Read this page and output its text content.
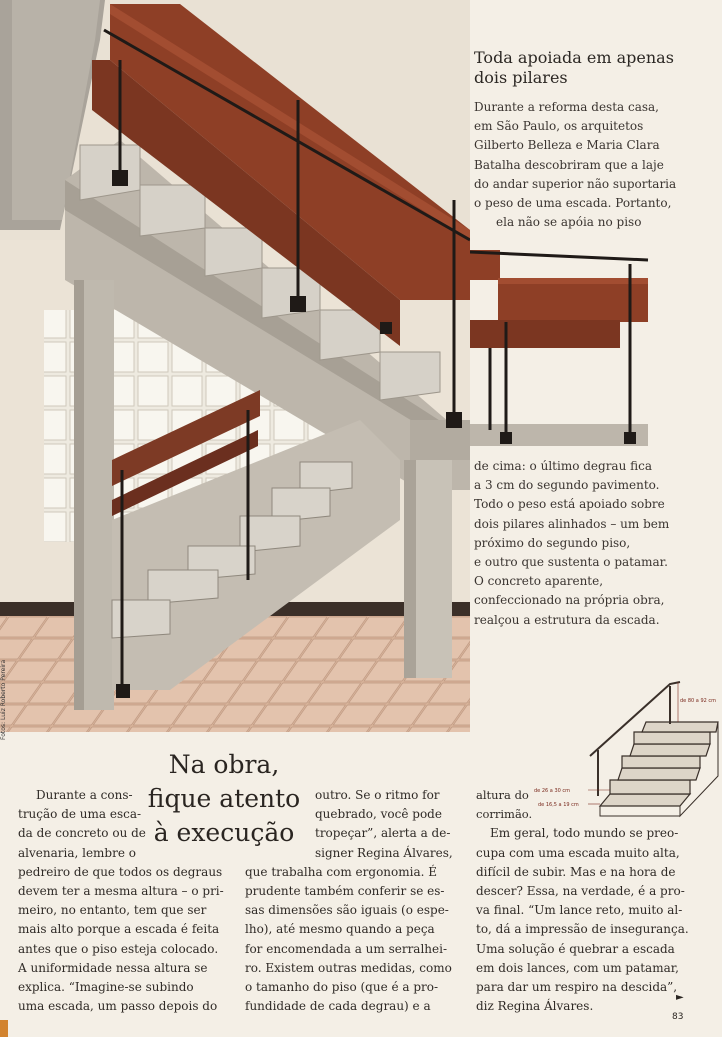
Fotos: Luiz Roberto Pereira
Toda apoiada em apenas
dois pilares
Durante a reforma desta casa,
em São Paulo, os arquitetos
Gilberto Belleza e Maria Clara
Batalha descobriram que a laje
do andar superior não suportaria
o peso de uma escada. Portanto,
ela não se apóia no piso
de cima: o último degrau fica
a 3 cm do segundo pavimento.
Todo o peso está apoiado sobre
dois pilares alinhados – um bem
próximo do segundo piso,
e outro que sustenta o patamar.
O concreto aparente,
confeccionado na própria obra,
realçou a estrutura da escada.
Na obra,
fique atento
à execução
Durante a cons-
trução de uma esca-
da de concreto ou de
alvenaria, lembre o
pedreiro de que todos os degraus
devem ter a mesma altura – o pri-
meiro, no entanto, tem que ser
mais alto porque a escada é feita
antes que o piso esteja colocado.
A uniformidade nessa altura se
explica. “Imagine-se subindo
uma escada, um passo depois do
outro. Se o ritmo for
quebrado, você pode
tropeçar”, alerta a de-
signer Regina Álvares,
que trabalha com ergonomia. É
prudente também conferir se es-
sas dimensões são iguais (o espe-
lho), até mesmo quando a peça
for encomendada a um serralhei-
ro. Existem outras medidas, como
o tamanho do piso (que é a pro-
fundidade de cada degrau) e a
altura do
corrimão.
Em geral, todo mundo se preo-
cupa com uma escada muito alta,
difícil de subir. Mas e na hora de
descer? Essa, na verdade, é a pro-
va final. “Um lance reto, muito al-
to, dá a impressão de insegurança.
Uma solução é quebrar a escada
em dois lances, com um patamar,
para dar um respiro na descida”,
diz Regina Álvares.
de 80 a 92 cm
de 26 a 30 cm
de 16,5 a 19 cm
►
83
